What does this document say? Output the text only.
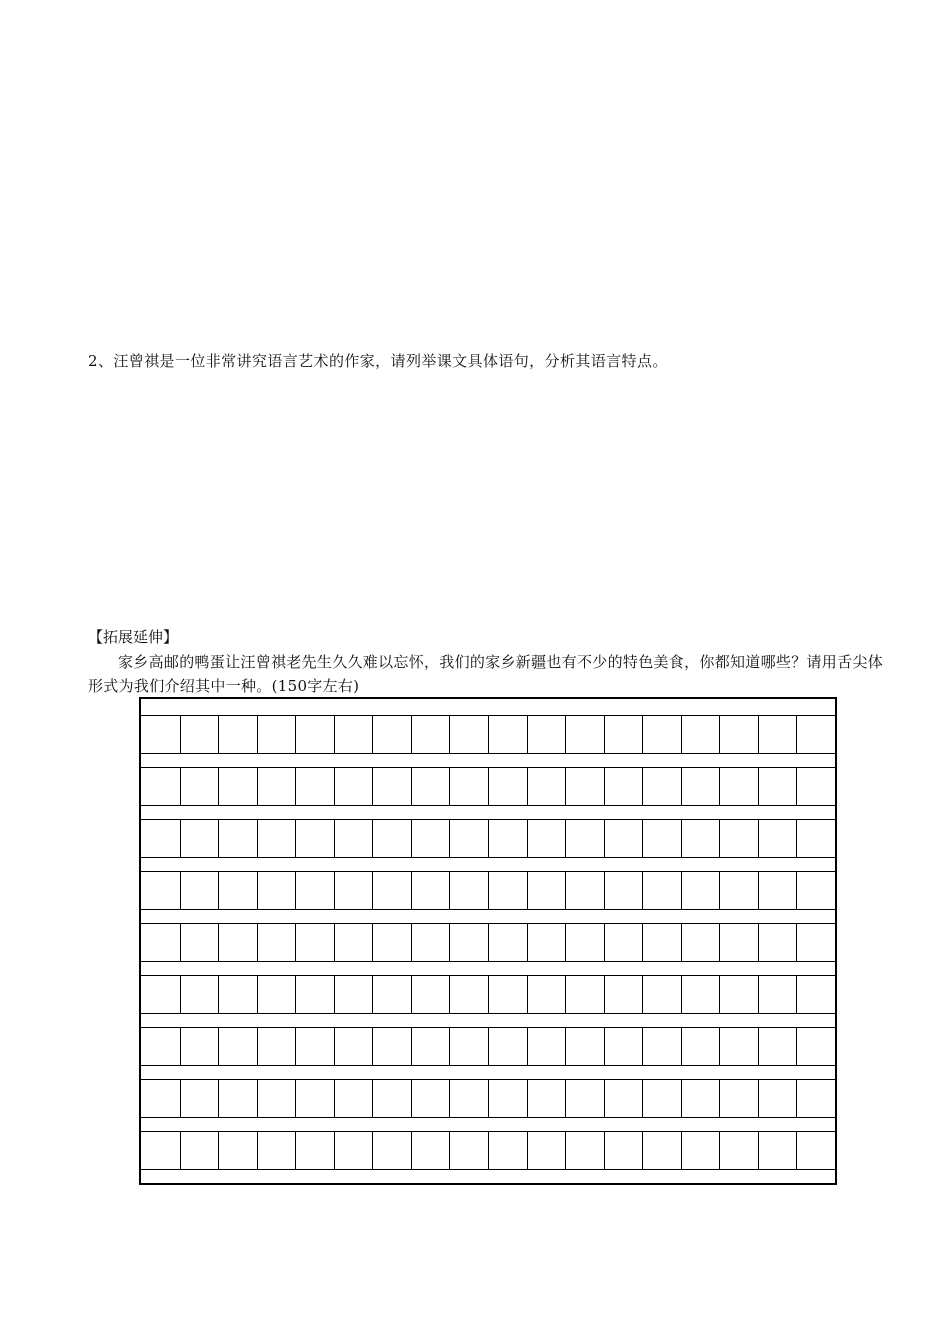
2、汪曾祺是一位非常讲究语言艺术的作家，请列举课文具体语句，分析其语言特点。
【拓展延伸】
家乡高邮的鸭蛋让汪曾祺老先生久久难以忘怀，我们的家乡新疆也有不少的特色美食，你都知道哪些？请用舌尖体形式为我们介绍其中一种。(150字左右)
